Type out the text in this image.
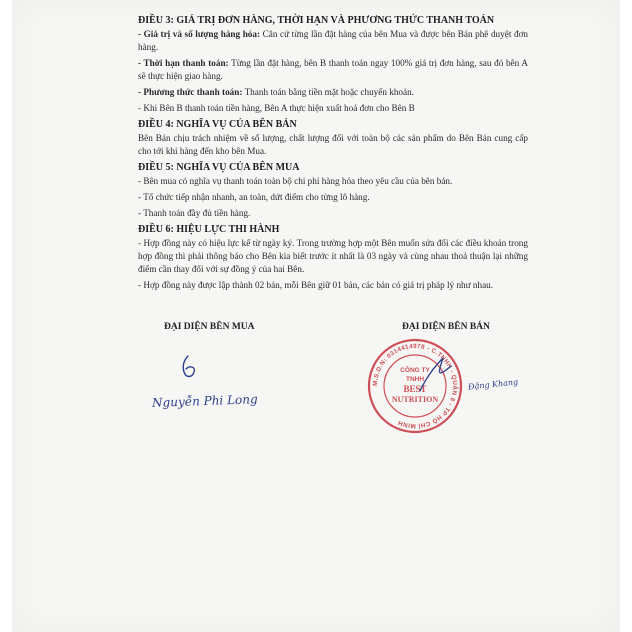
ĐIỀU 3: GIÁ TRỊ ĐƠN HÀNG, THỜI HẠN VÀ PHƯƠNG THỨC THANH TOÁN

- Giá trị và số lượng hàng hóa: Căn cứ từng lần đặt hàng của bên Mua và được bên Bán phê duyệt đơn hàng.

- Thời hạn thanh toán: Từng lần đặt hàng, bên B thanh toán ngay 100% giá trị đơn hàng, sau đó bên A sẽ thực hiện giao hàng.

- Phương thức thanh toán: Thanh toán bằng tiền mặt hoặc chuyển khoản.

- Khi Bên B thanh toán tiền hàng, Bên A thực hiện xuất hoá đơn cho Bên B

ĐIỀU 4: NGHĨA VỤ CỦA BÊN BÁN

Bên Bán chịu trách nhiệm về số lượng, chất lượng đối với toàn bộ các sản phẩm do Bên Bán cung cấp cho tới khi hàng đến kho bên Mua.

ĐIỀU 5: NGHĨA VỤ CỦA BÊN MUA

- Bên mua có nghĩa vụ thanh toán toàn bộ chi phí hàng hóa theo yêu cầu của bên bán.

- Tổ chức tiếp nhận nhanh, an toàn, dứt điểm cho từng lô hàng.

- Thanh toán đầy đủ tiền hàng.

ĐIỀU 6: HIỆU LỰC THI HÀNH

- Hợp đồng này có hiệu lực kể từ ngày ký. Trong trường hợp một Bên muốn sửa đổi các điều khoản trong hợp đồng thì phải thông báo cho Bên kia biết trước ít nhất là 03 ngày và cùng nhau thoả thuận lại những điểm cần thay đổi với sự đồng ý của hai Bên.

- Hợp đồng này được lập thành 02 bản, mỗi Bên giữ 01 bản, các bản có giá trị pháp lý như nhau.

ĐẠI DIỆN BÊN MUA	ĐẠI DIỆN BÊN BÁN
Nguyễn Phi Long
M.S.D.N: 0314414978 - C.TNHH - QUẬN 8 - TP HỒ CHÍ MINH
CÔNG TY
TNHH
BEST
NUTRITION
Đặng Khang
